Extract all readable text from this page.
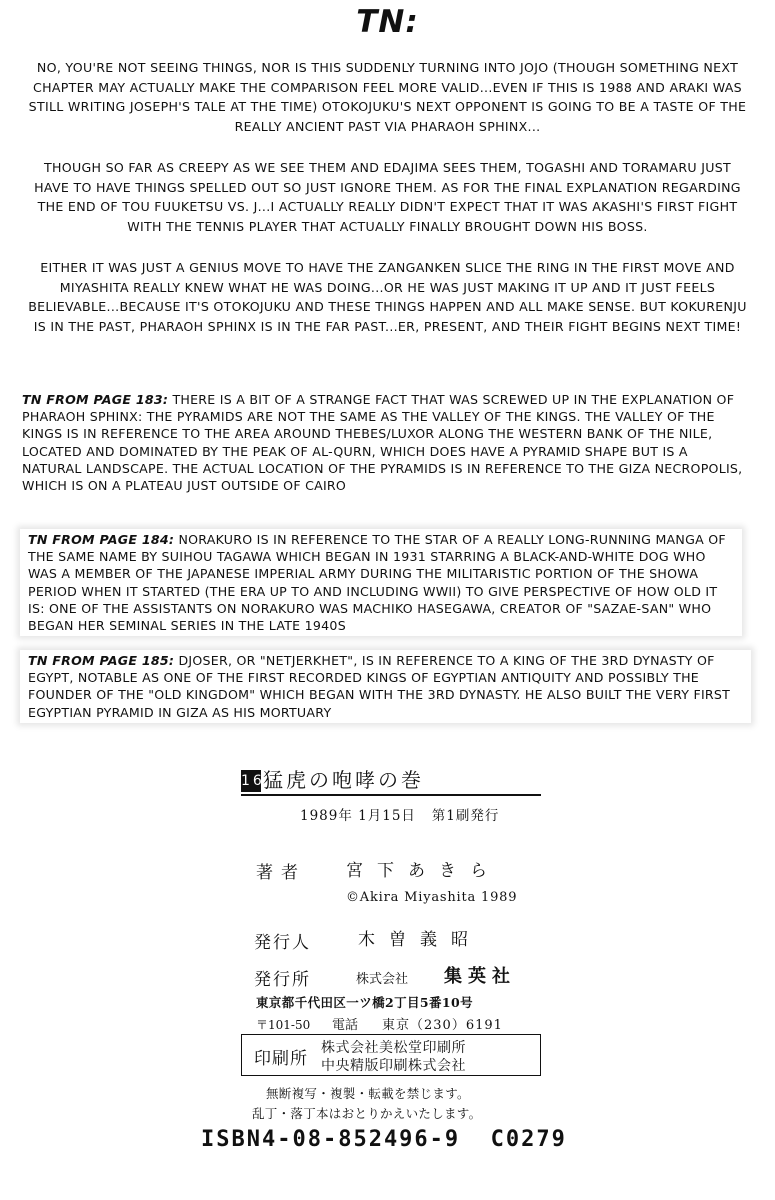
TN:

NO, YOU'RE NOT SEEING THINGS, NOR IS THIS SUDDENLY TURNING INTO JOJO (THOUGH SOMETHING NEXT CHAPTER MAY ACTUALLY MAKE THE COMPARISON FEEL MORE VALID...EVEN IF THIS IS 1988 AND ARAKI WAS STILL WRITING JOSEPH'S TALE AT THE TIME) OTOKOJUKU'S NEXT OPPONENT IS GOING TO BE A TASTE OF THE REALLY ANCIENT PAST VIA PHARAOH SPHINX...

THOUGH SO FAR AS CREEPY AS WE SEE THEM AND EDAJIMA SEES THEM, TOGASHI AND TORAMARU JUST HAVE TO HAVE THINGS SPELLED OUT SO JUST IGNORE THEM. AS FOR THE FINAL EXPLANATION REGARDING THE END OF TOU FUUKETSU VS. J...I ACTUALLY REALLY DIDN'T EXPECT THAT IT WAS AKASHI'S FIRST FIGHT WITH THE TENNIS PLAYER THAT ACTUALLY FINALLY BROUGHT DOWN HIS BOSS.

EITHER IT WAS JUST A GENIUS MOVE TO HAVE THE ZANGANKEN SLICE THE RING IN THE FIRST MOVE AND MIYASHITA REALLY KNEW WHAT HE WAS DOING...OR HE WAS JUST MAKING IT UP AND IT JUST FEELS BELIEVABLE...BECAUSE IT'S OTOKOJUKU AND THESE THINGS HAPPEN AND ALL MAKE SENSE. BUT KOKURENJU IS IN THE PAST, PHARAOH SPHINX IS IN THE FAR PAST...ER, PRESENT, AND THEIR FIGHT BEGINS NEXT TIME!

TN FROM PAGE 183: THERE IS A BIT OF A STRANGE FACT THAT WAS SCREWED UP IN THE EXPLANATION OF PHARAOH SPHINX: THE PYRAMIDS ARE NOT THE SAME AS THE VALLEY OF THE KINGS. THE VALLEY OF THE KINGS IS IN REFERENCE TO THE AREA AROUND THEBES/LUXOR ALONG THE WESTERN BANK OF THE NILE, LOCATED AND DOMINATED BY THE PEAK OF AL-QURN, WHICH DOES HAVE A PYRAMID SHAPE BUT IS A NATURAL LANDSCAPE. THE ACTUAL LOCATION OF THE PYRAMIDS IS IN REFERENCE TO THE GIZA NECROPOLIS, WHICH IS ON A PLATEAU JUST OUTSIDE OF CAIRO

TN FROM PAGE 184: NORAKURO IS IN REFERENCE TO THE STAR OF A REALLY LONG-RUNNING MANGA OF THE SAME NAME BY SUIHOU TAGAWA WHICH BEGAN IN 1931 STARRING A BLACK-AND-WHITE DOG WHO WAS A MEMBER OF THE JAPANESE IMPERIAL ARMY DURING THE MILITARISTIC PORTION OF THE SHOWA PERIOD WHEN IT STARTED (THE ERA UP TO AND INCLUDING WWII) TO GIVE PERSPECTIVE OF HOW OLD IT IS: ONE OF THE ASSISTANTS ON NORAKURO WAS MACHIKO HASEGAWA, CREATOR OF "SAZAE-SAN" WHO BEGAN HER SEMINAL SERIES IN THE LATE 1940S

TN FROM PAGE 185: DJOSER, OR "NETJERKHET", IS IN REFERENCE TO A KING OF THE 3RD DYNASTY OF EGYPT, NOTABLE AS ONE OF THE FIRST RECORDED KINGS OF EGYPTIAN ANTIQUITY AND POSSIBLY THE FOUNDER OF THE "OLD KINGDOM" WHICH BEGAN WITH THE 3RD DYNASTY. HE ALSO BUILT THE VERY FIRST EGYPTIAN PYRAMID IN GIZA AS HIS MORTUARY

16猛虎の咆哮の巻
1989年 1月15日 第1刷発行
著者 宮下あきら
©Akira Miyashita 1989
発行人	木曽義昭
発行所	株式会社 集英社
東京都千代田区一ツ橋2丁目5番10号
〒101-50 電話 東京（230）6191
印刷所
株式会社美松堂印刷所
中央精版印刷株式会社
無断複写・複製・転載を禁じます。
乱丁・落丁本はおとりかえいたします。
ISBN4-08-852496-9 C0279
